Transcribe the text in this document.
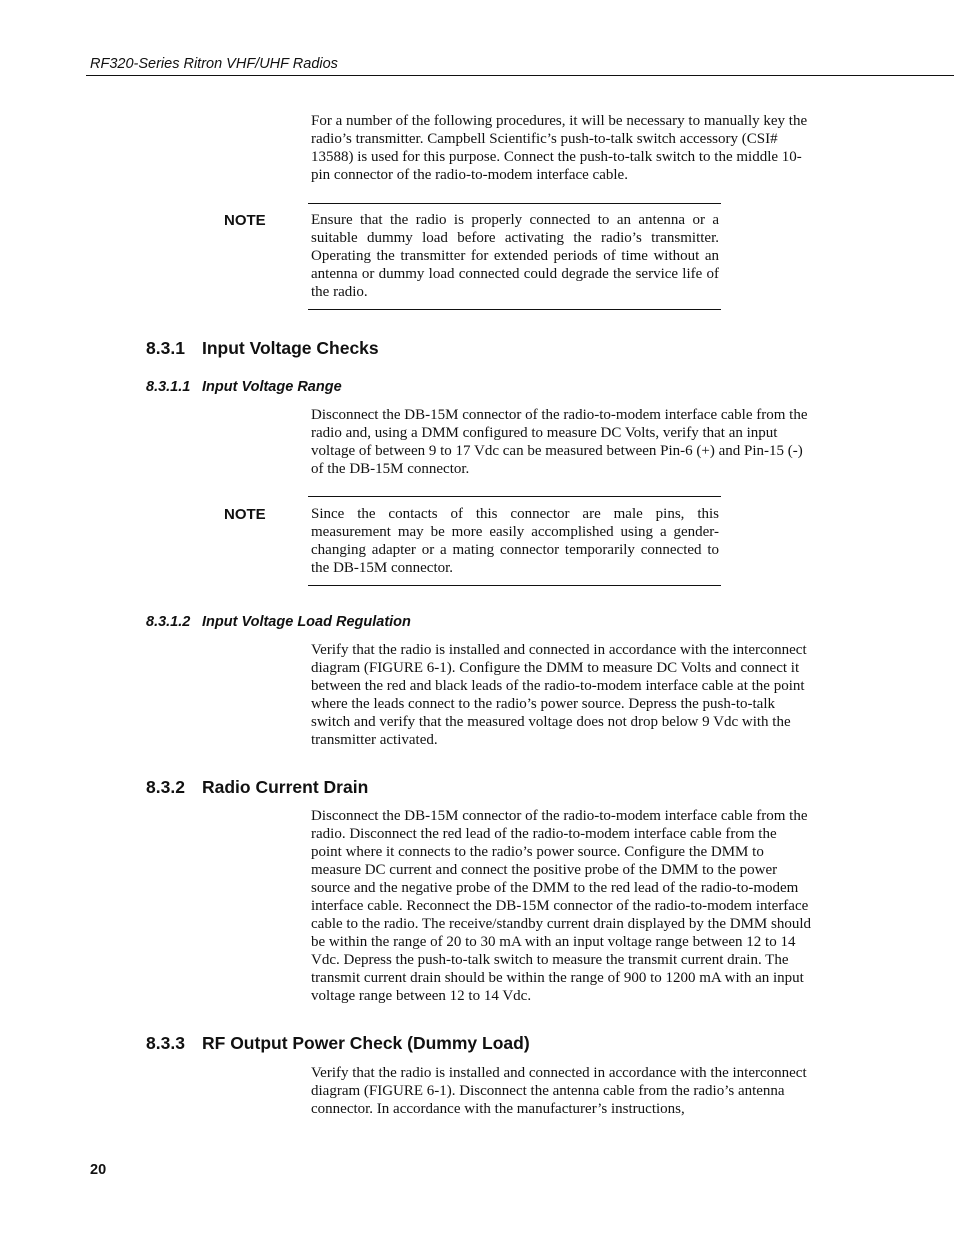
RF320-Series Ritron VHF/UHF Radios

For a number of the following procedures, it will be necessary to manually key the radio’s transmitter. Campbell Scientific’s push-to-talk switch accessory (CSI# 13588) is used for this purpose. Connect the push-to-talk switch to the middle 10-pin connector of the radio-to-modem interface cable.

NOTE	Ensure that the radio is properly connected to an antenna or a suitable dummy load before activating the radio’s transmitter. Operating the transmitter for extended periods of time without an antenna or dummy load connected could degrade the service life of the radio.

8.3.1 Input Voltage Checks
8.3.1.1 Input Voltage Range

Disconnect the DB-15M connector of the radio-to-modem interface cable from the radio and, using a DMM configured to measure DC Volts, verify that an input voltage of between 9 to 17 Vdc can be measured between Pin-6 (+) and Pin-15 (-) of the DB-15M connector.

NOTE	Since the contacts of this connector are male pins, this measurement may be more easily accomplished using a gender-changing adapter or a mating connector temporarily connected to the DB-15M connector.

8.3.1.2 Input Voltage Load Regulation

Verify that the radio is installed and connected in accordance with the interconnect diagram (FIGURE 6-1). Configure the DMM to measure DC Volts and connect it between the red and black leads of the radio-to-modem interface cable at the point where the leads connect to the radio’s power source. Depress the push-to-talk switch and verify that the measured voltage does not drop below 9 Vdc with the transmitter activated.

8.3.2 Radio Current Drain

Disconnect the DB-15M connector of the radio-to-modem interface cable from the radio. Disconnect the red lead of the radio-to-modem interface cable from the point where it connects to the radio’s power source. Configure the DMM to measure DC current and connect the positive probe of the DMM to the power source and the negative probe of the DMM to the red lead of the radio-to-modem interface cable. Reconnect the DB-15M connector of the radio-to-modem interface cable to the radio. The receive/standby current drain displayed by the DMM should be within the range of 20 to 30 mA with an input voltage range between 12 to 14 Vdc. Depress the push-to-talk switch to measure the transmit current drain. The transmit current drain should be within the range of 900 to 1200 mA with an input voltage range between 12 to 14 Vdc.

8.3.3 RF Output Power Check (Dummy Load)

Verify that the radio is installed and connected in accordance with the interconnect diagram (FIGURE 6-1). Disconnect the antenna cable from the radio’s antenna connector. In accordance with the manufacturer’s instructions,

20
